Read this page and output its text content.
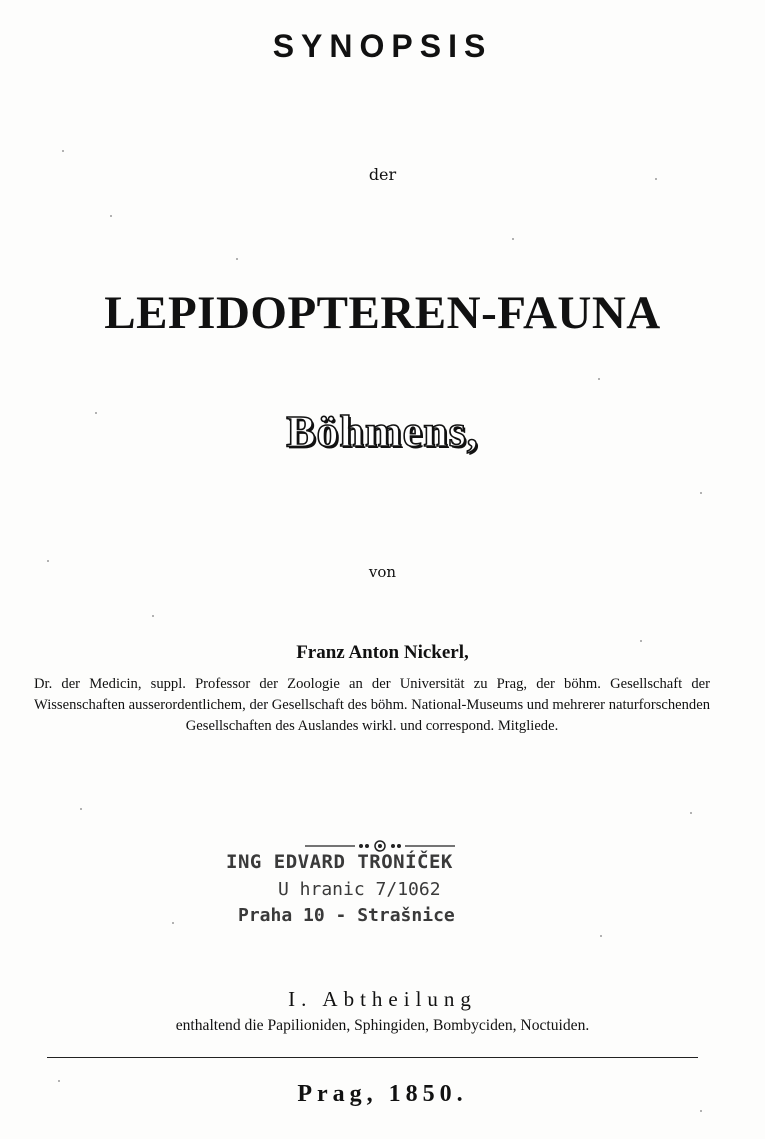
SYNOPSIS
der
LEPIDOPTEREN-FAUNA
Böhmens,
von
Franz Anton Nickerl,
Dr. der Medicin, suppl. Professor der Zoologie an der Universität zu Prag, der böhm. Gesellschaft der Wissenschaften ausserordentlichem, der Gesellschaft des böhm. National-Museums und mehrerer naturforschenden Gesellschaften des Auslandes wirkl. und correspond. Mitgliede.
ING EDVARD TRONÍČEK
U hranic 7/1062
Praha 10 - Strašnice
I. Abtheilung
enthaltend die Papilioniden, Sphingiden, Bombyciden, Noctuiden.
Prag, 1850.
